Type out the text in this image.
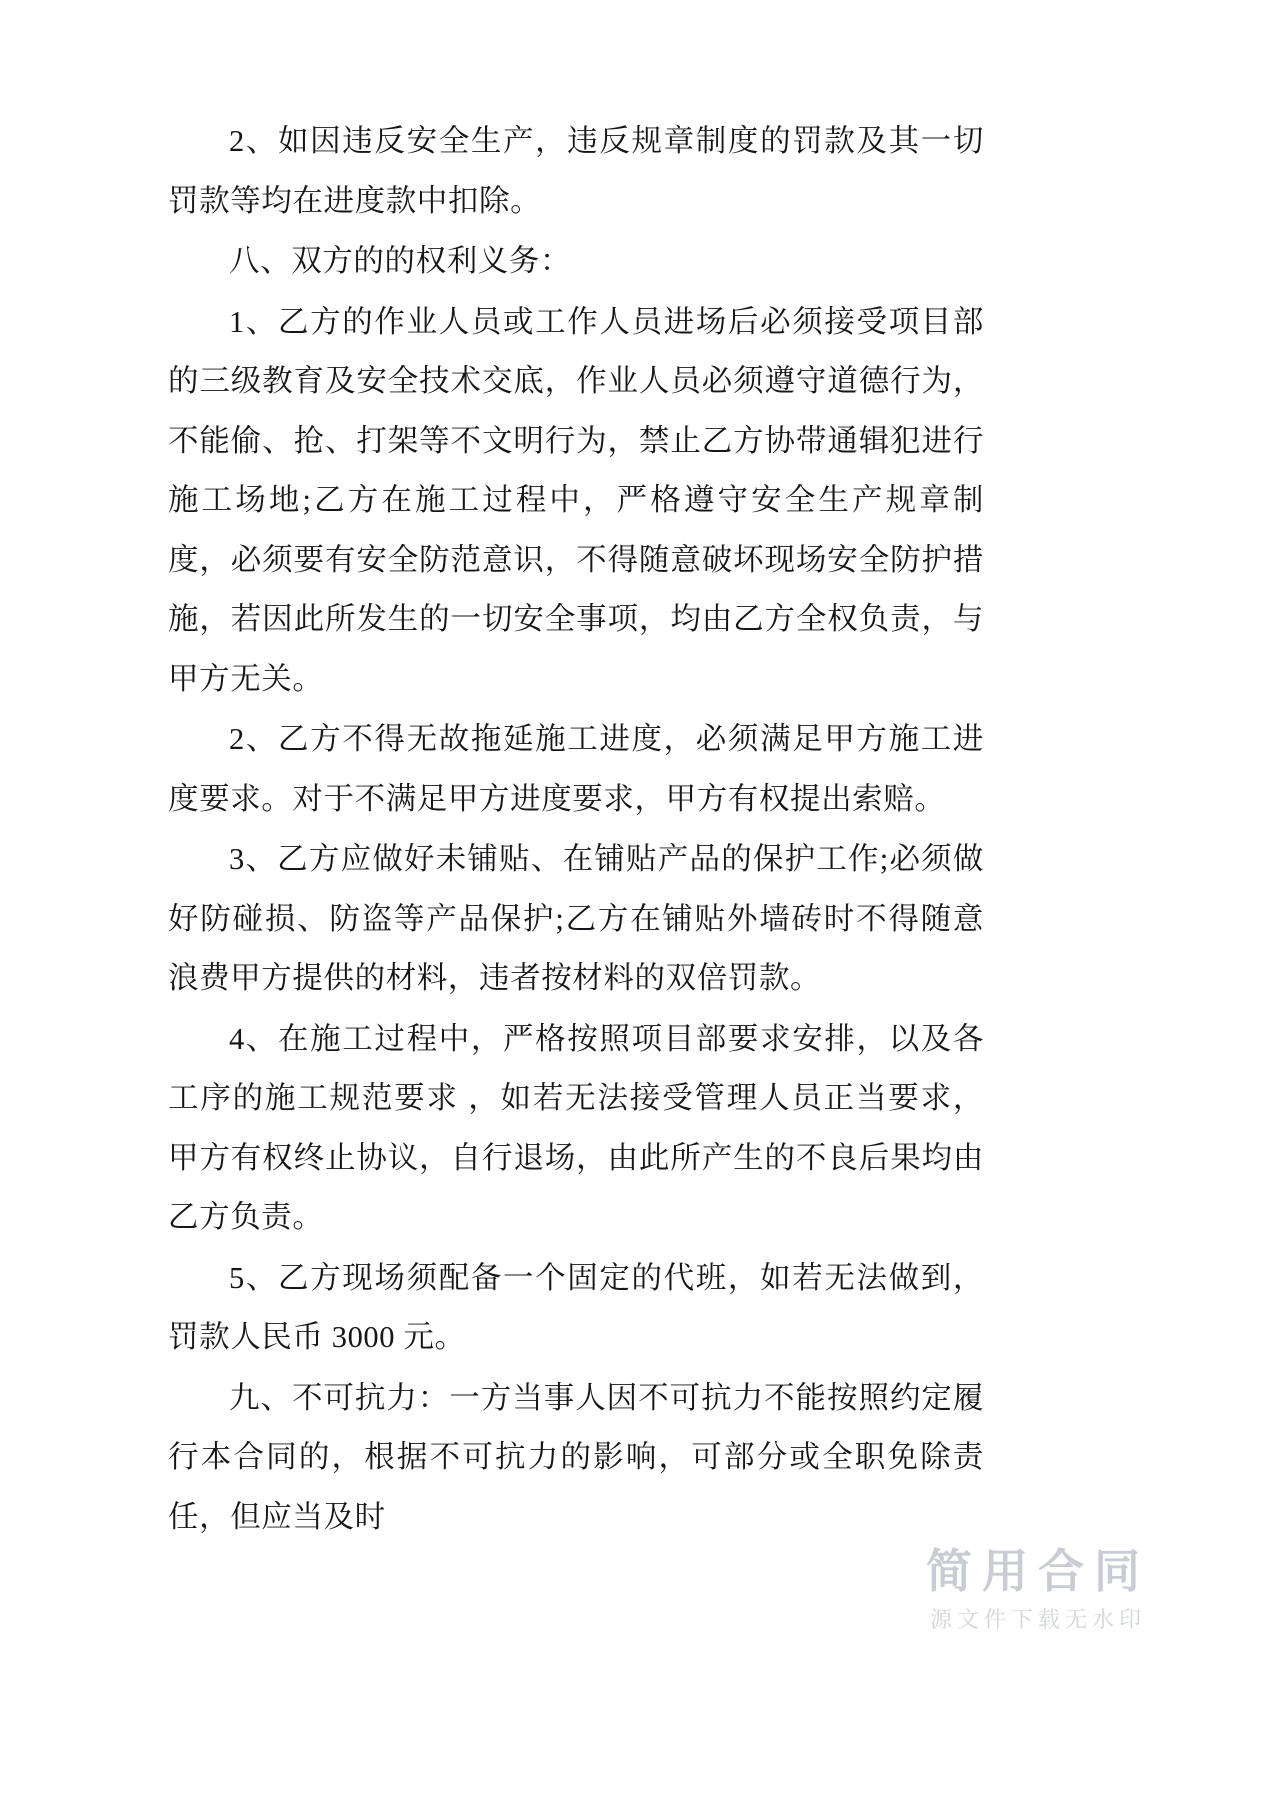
2、如因违反安全生产，违反规章制度的罚款及其一切罚款等均在进度款中扣除。

八、双方的的权利义务：

1、乙方的作业人员或工作人员进场后必须接受项目部的三级教育及安全技术交底，作业人员必须遵守道德行为，不能偷、抢、打架等不文明行为，禁止乙方协带通辑犯进行施工场地;乙方在施工过程中，严格遵守安全生产规章制度，必须要有安全防范意识，不得随意破坏现场安全防护措施，若因此所发生的一切安全事项，均由乙方全权负责，与甲方无关。

2、乙方不得无故拖延施工进度，必须满足甲方施工进度要求。对于不满足甲方进度要求，甲方有权提出索赔。

3、乙方应做好未铺贴、在铺贴产品的保护工作;必须做好防碰损、防盗等产品保护;乙方在铺贴外墙砖时不得随意浪费甲方提供的材料，违者按材料的双倍罚款。

4、在施工过程中，严格按照项目部要求安排，以及各工序的施工规范要求 ，如若无法接受管理人员正当要求，甲方有权终止协议，自行退场，由此所产生的不良后果均由乙方负责。

5、乙方现场须配备一个固定的代班，如若无法做到，罚款人民币 3000 元。

九、不可抗力：一方当事人因不可抗力不能按照约定履行本合同的，根据不可抗力的影响，可部分或全职免除责任，但应当及时

简用合同
源文件下载无水印
